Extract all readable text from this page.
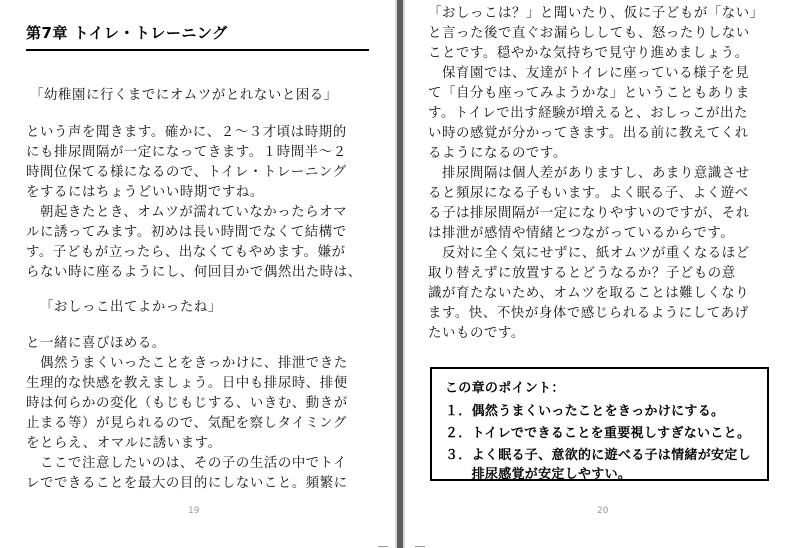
第7章 トイレ・トレーニング
「幼稚園に行くまでにオムツがとれないと困る」
という声を聞きます。確かに、２～３才頃は時期的
にも排尿間隔が一定になってきます。１時間半～２
時間位保てる様になるので、トイレ・トレーニング
をするにはちょうどいい時期ですね。
　朝起きたとき、オムツが濡れていなかったらオマ
ルに誘ってみます。初めは長い時間でなくて結構で
す。子どもが立ったら、出なくてもやめます。嫌が
らない時に座るようにし、何回目かで偶然出た時は、
「おしっこ出てよかったね」
と一緒に喜びほめる。
　偶然うまくいったことをきっかけに、排泄できた
生理的な快感を教えましょう。日中も排尿時、排便
時は何らかの変化（もじもじする、いきむ、動きが
止まる等）が見られるので、気配を察しタイミング
をとらえ、オマルに誘います。
　ここで注意したいのは、その子の生活の中でトイ
レでできることを最大の目的にしないこと。頻繁に
19
「おしっこは？」と聞いたり、仮に子どもが「ない」
と言った後で直ぐお漏らししても、怒ったりしない
ことです。穏やかな気持ちで見守り進めましょう。
　保育園では、友達がトイレに座っている様子を見
て「自分も座ってみようかな」ということもありま
す。トイレで出す経験が増えると、おしっこが出た
い時の感覚が分かってきます。出る前に教えてくれ
るようになるのです。
　排尿間隔は個人差がありますし、あまり意識させ
ると頻尿になる子もいます。よく眠る子、よく遊べ
る子は排尿間隔が一定になりやすいのですが、それ
は排泄が感情や情緒とつながっているからです。
　反対に全く気にせずに、紙オムツが重くなるほど
取り替えずに放置するとどうなるか？子どもの意
識が育たないため、オムツを取ることは難しくなり
ます。快、不快が身体で感じられるようにしてあげ
たいものです。
この章のポイント：
１．偶然うまくいったことをきっかけにする。
２．トイレでできることを重要視しすぎないこと。
３．よく眠る子、意欲的に遊べる子は情緒が安定し
　　排尿感覚が安定しやすい。
20
